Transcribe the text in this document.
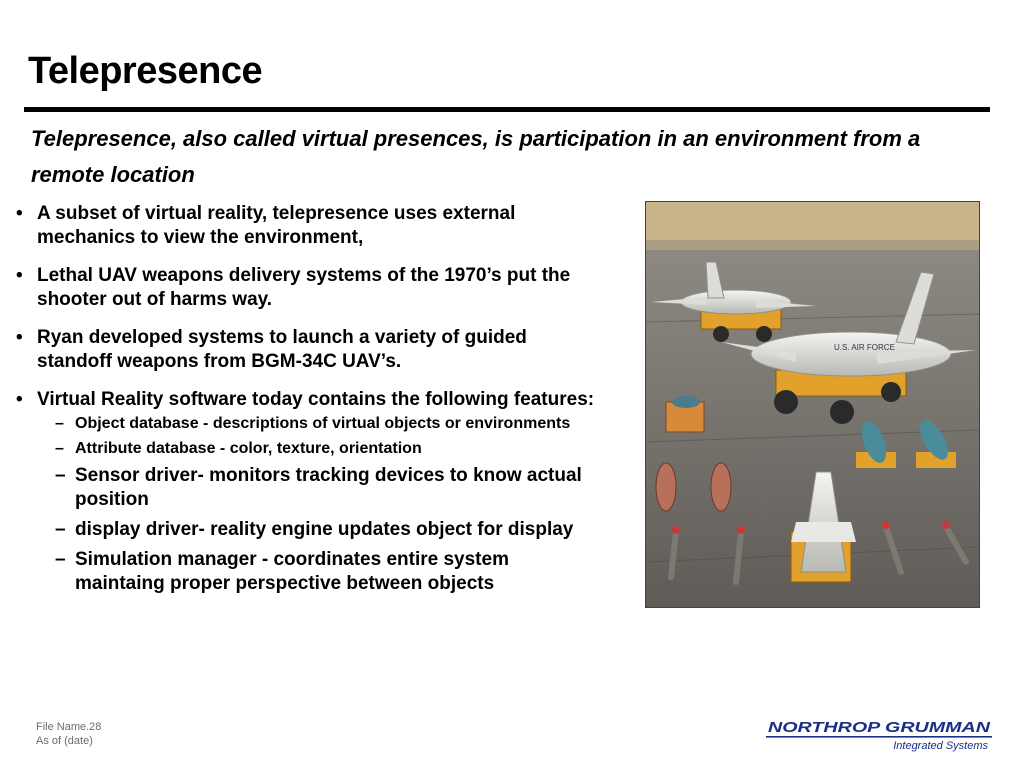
Telepresence
Telepresence, also called virtual presences, is participation in an environment from a remote location
• A subset of virtual reality, telepresence uses external mechanics to view the environment,
• Lethal UAV weapons delivery systems of the 1970’s put the shooter out of harms way.
• Ryan developed systems to launch a variety of guided standoff weapons from BGM-34C UAV’s.
• Virtual Reality software today contains the following features:
– Object database - descriptions of virtual objects or environments
– Attribute database - color, texture, orientation
– Sensor driver- monitors tracking devices to know actual position
– display driver- reality engine updates object for display
– Simulation manager - coordinates entire system maintaing proper perspective between objects
U.S. AIR FORCE
File Name.28
As of (date)
NORTHROP GRUMMAN
Integrated Systems
